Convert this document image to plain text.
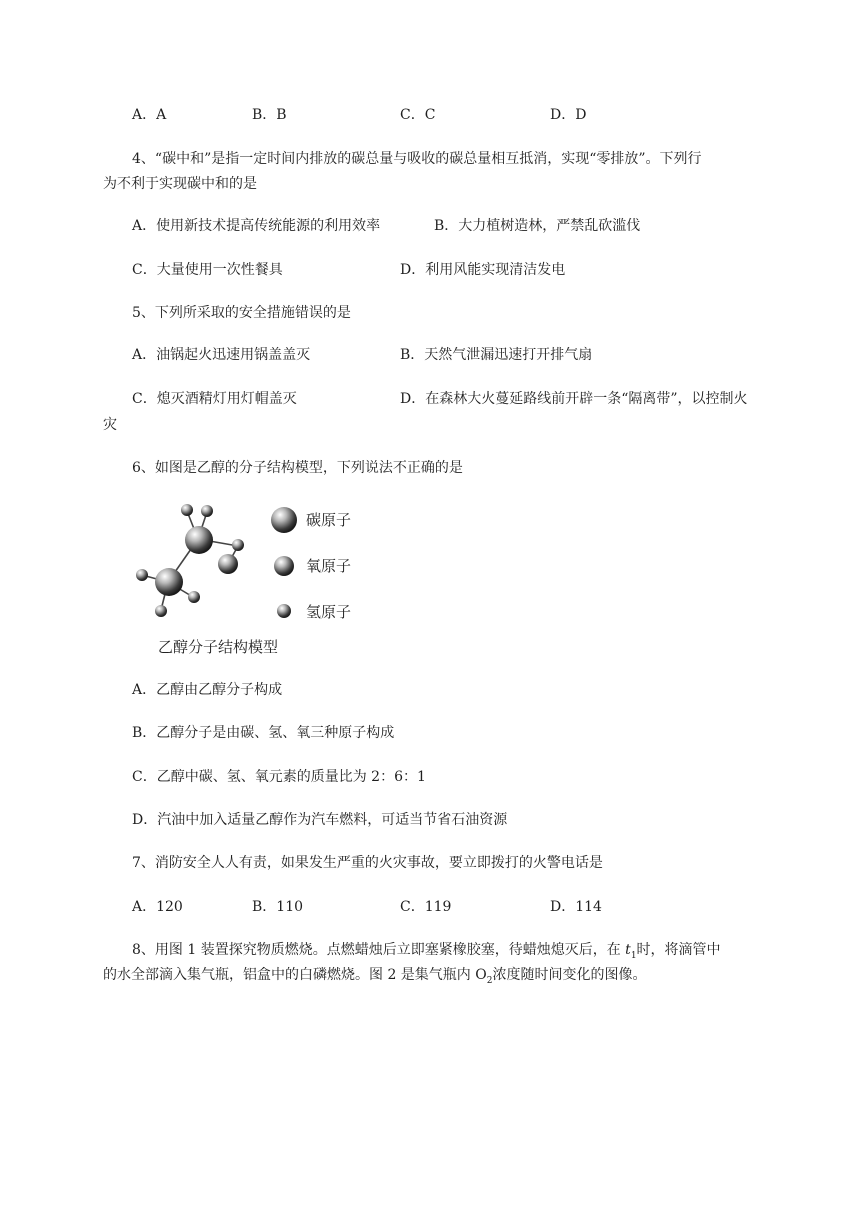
A．A	B．B	C．C	D．D
4、“碳中和”是指一定时间内排放的碳总量与吸收的碳总量相互抵消，实现“零排放”。下列行
为不利于实现碳中和的是
A．使用新技术提高传统能源的利用效率	B．大力植树造林，严禁乱砍滥伐
C．大量使用一次性餐具	D．利用风能实现清洁发电
5、下列所采取的安全措施错误的是
A．油锅起火迅速用锅盖盖灭	B．天然气泄漏迅速打开排气扇
C．熄灭酒精灯用灯帽盖灭	D．在森林大火蔓延路线前开辟一条“隔离带”，以控制火
灾
6、如图是乙醇的分子结构模型，下列说法不正确的是
碳原子
氧原子
氢原子
乙醇分子结构模型
A．乙醇由乙醇分子构成
B．乙醇分子是由碳、氢、氧三种原子构成
C．乙醇中碳、氢、氧元素的质量比为 2：6：1
D．汽油中加入适量乙醇作为汽车燃料，可适当节省石油资源
7、消防安全人人有责，如果发生严重的火灾事故，要立即拨打的火警电话是
A．120	B．110	C．119	D．114
8、用图 1 装置探究物质燃烧。点燃蜡烛后立即塞紧橡胶塞，待蜡烛熄灭后，在 $t_1$时，将滴管中
的水全部滴入集气瓶，铝盒中的白磷燃烧。图 2 是集气瓶内 $O_2$浓度随时间变化的图像。
